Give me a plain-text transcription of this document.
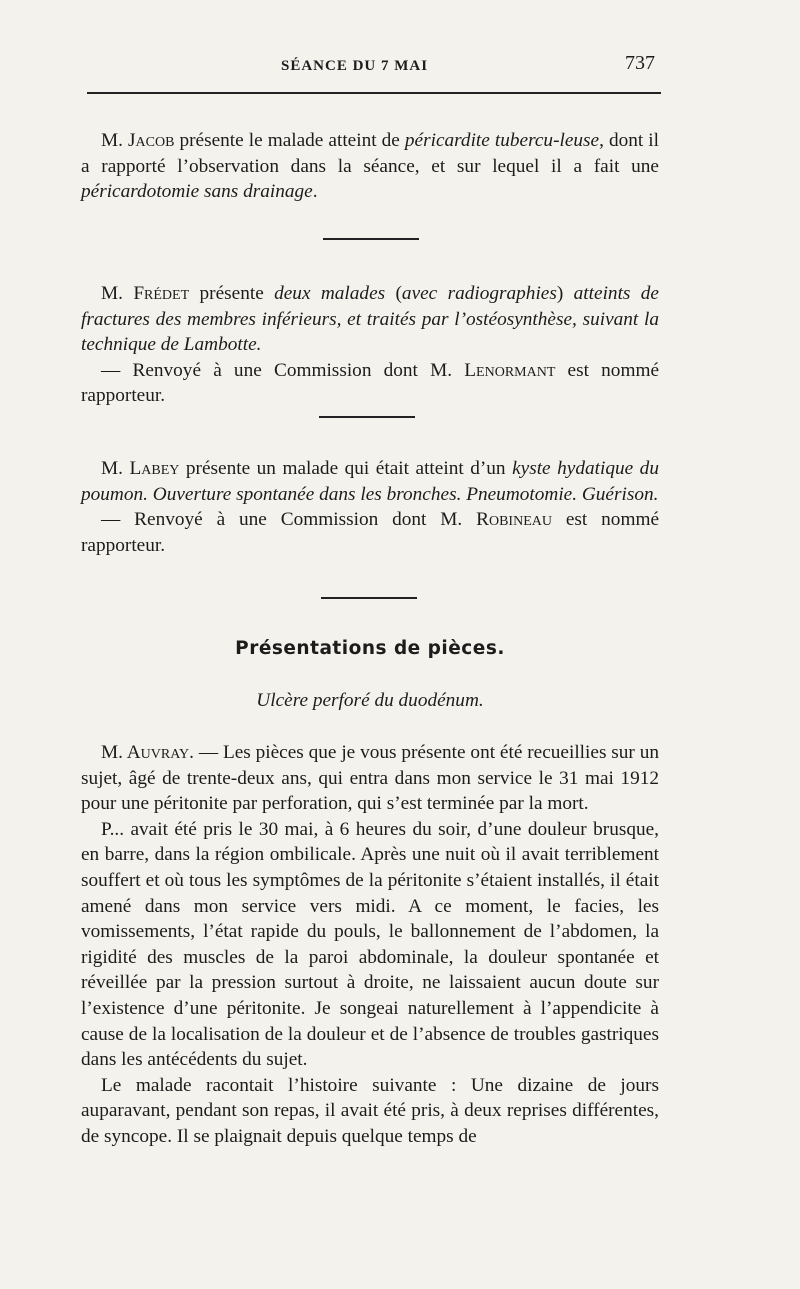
SÉANCE DU 7 MAI	737

M. Jacob présente le malade atteint de péricardite tubercu-leuse, dont il a rapporté l’observation dans la séance, et sur lequel il a fait une péricardotomie sans drainage.

M. Frédet présente deux malades (avec radiographies) atteints de fractures des membres inférieurs, et traités par l’ostéosynthèse, suivant la technique de Lambotte.

— Renvoyé à une Commission dont M. Lenormant est nommé rapporteur.

M. Labey présente un malade qui était atteint d’un kyste hydatique du poumon. Ouverture spontanée dans les bronches. Pneumotomie. Guérison.

— Renvoyé à une Commission dont M. Robineau est nommé rapporteur.

Présentations de pièces.
Ulcère perforé du duodénum.

M. Auvray. — Les pièces que je vous présente ont été recueillies sur un sujet, âgé de trente-deux ans, qui entra dans mon service le 31 mai 1912 pour une péritonite par perforation, qui s’est terminée par la mort.

P... avait été pris le 30 mai, à 6 heures du soir, d’une douleur brusque, en barre, dans la région ombilicale. Après une nuit où il avait terriblement souffert et où tous les symptômes de la péritonite s’étaient installés, il était amené dans mon service vers midi. A ce moment, le facies, les vomissements, l’état rapide du pouls, le ballonnement de l’abdomen, la rigidité des muscles de la paroi abdominale, la douleur spontanée et réveillée par la pression surtout à droite, ne laissaient aucun doute sur l’existence d’une péritonite. Je songeai naturellement à l’appendicite à cause de la localisation de la douleur et de l’absence de troubles gastriques dans les antécédents du sujet.

Le malade racontait l’histoire suivante : Une dizaine de jours auparavant, pendant son repas, il avait été pris, à deux reprises différentes, de syncope. Il se plaignait depuis quelque temps de
